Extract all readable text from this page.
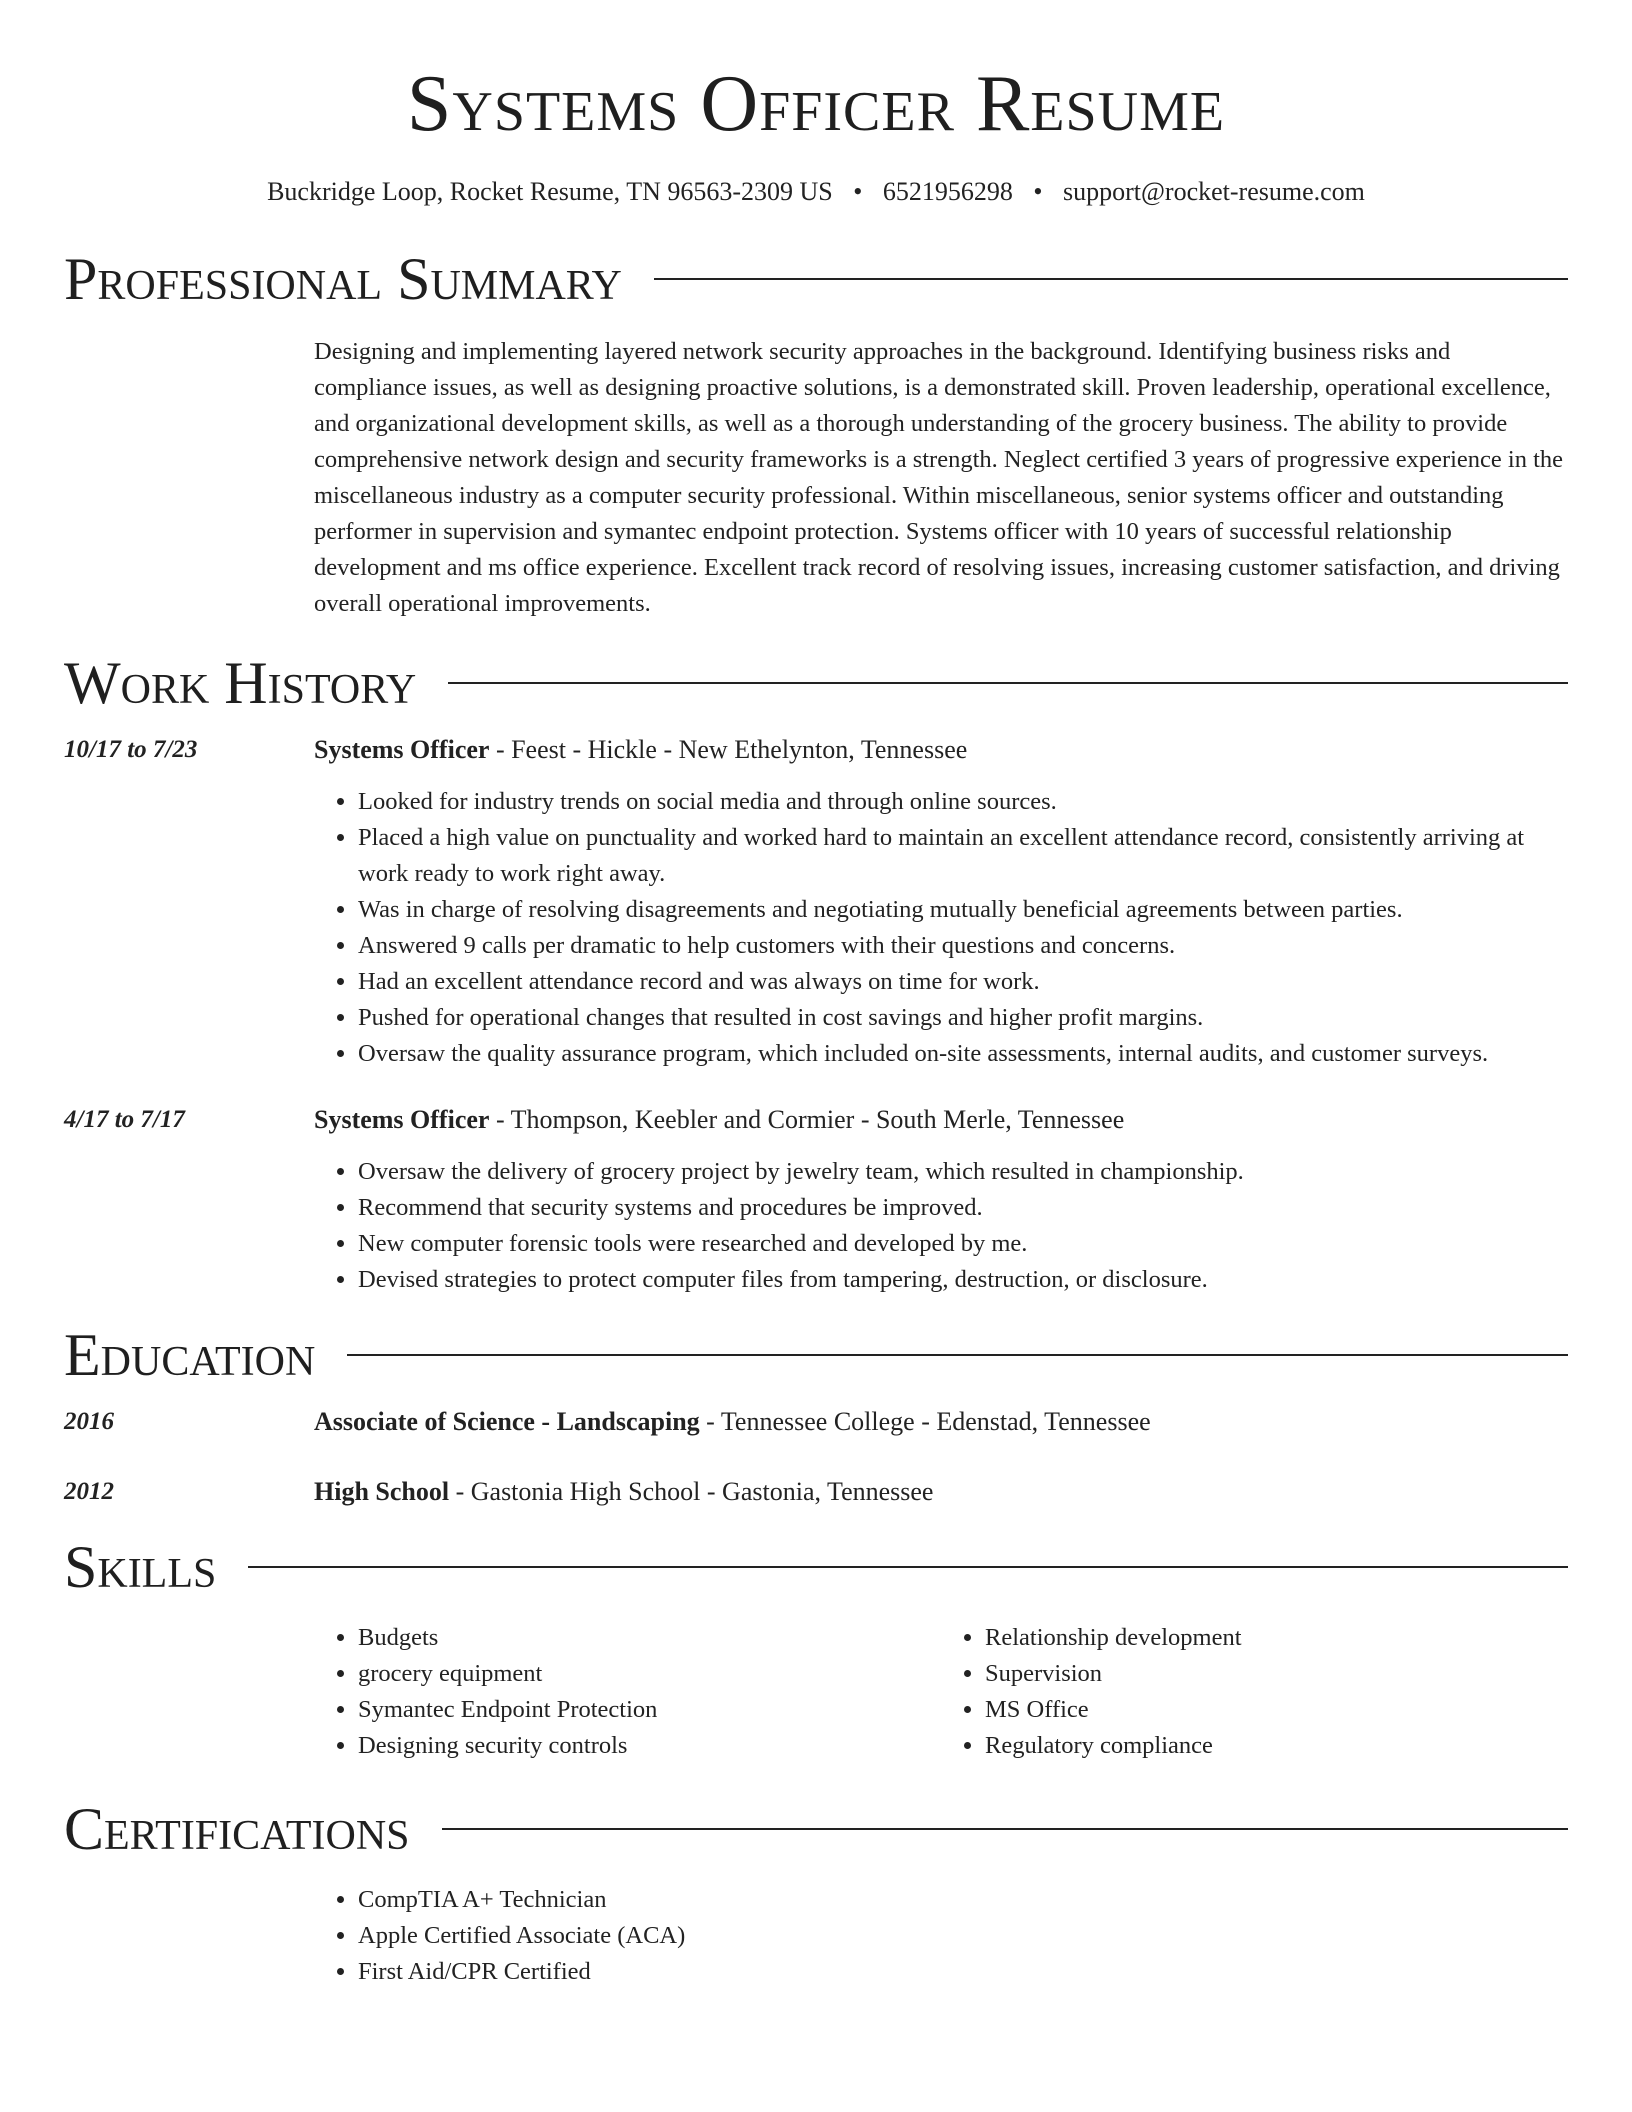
Systems Officer Resume
Buckridge Loop, Rocket Resume, TN 96563-2309 US • 6521956298 • support@rocket-resume.com
Professional Summary
Designing and implementing layered network security approaches in the background. Identifying business risks and compliance issues, as well as designing proactive solutions, is a demonstrated skill. Proven leadership, operational excellence, and organizational development skills, as well as a thorough understanding of the grocery business. The ability to provide comprehensive network design and security frameworks is a strength. Neglect certified 3 years of progressive experience in the miscellaneous industry as a computer security professional. Within miscellaneous, senior systems officer and outstanding performer in supervision and symantec endpoint protection. Systems officer with 10 years of successful relationship development and ms office experience. Excellent track record of resolving issues, increasing customer satisfaction, and driving overall operational improvements.
Work History
10/17 to 7/23	Systems Officer - Feest - Hickle - New Ethelynton, Tennessee
• Looked for industry trends on social media and through online sources.
• Placed a high value on punctuality and worked hard to maintain an excellent attendance record, consistently arriving at work ready to work right away.
• Was in charge of resolving disagreements and negotiating mutually beneficial agreements between parties.
• Answered 9 calls per dramatic to help customers with their questions and concerns.
• Had an excellent attendance record and was always on time for work.
• Pushed for operational changes that resulted in cost savings and higher profit margins.
• Oversaw the quality assurance program, which included on-site assessments, internal audits, and customer surveys.
4/17 to 7/17	Systems Officer - Thompson, Keebler and Cormier - South Merle, Tennessee
• Oversaw the delivery of grocery project by jewelry team, which resulted in championship.
• Recommend that security systems and procedures be improved.
• New computer forensic tools were researched and developed by me.
• Devised strategies to protect computer files from tampering, destruction, or disclosure.
Education
2016	Associate of Science - Landscaping - Tennessee College - Edenstad, Tennessee
2012	High School - Gastonia High School - Gastonia, Tennessee
Skills
• Budgets
• grocery equipment
• Symantec Endpoint Protection
• Designing security controls
• Relationship development
• Supervision
• MS Office
• Regulatory compliance
Certifications
• CompTIA A+ Technician
• Apple Certified Associate (ACA)
• First Aid/CPR Certified
